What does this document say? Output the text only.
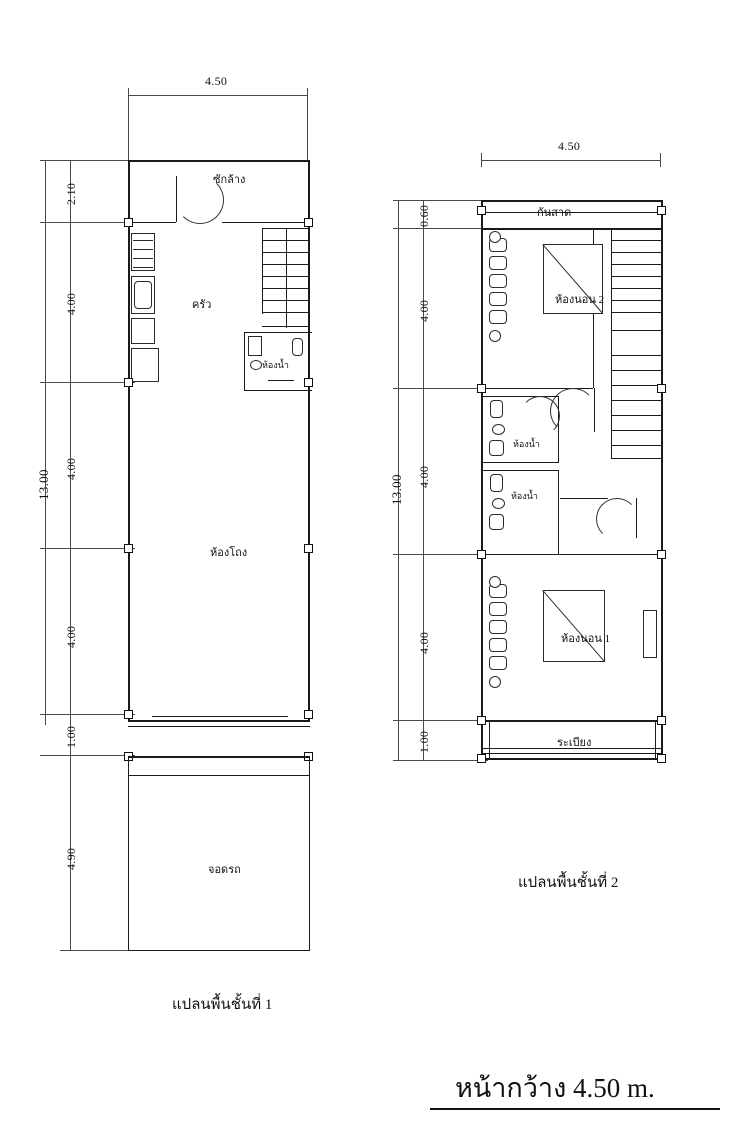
4.50
2.10
4.00
4.00
4.00
1.00
4.90
13.00
ซักล้าง
ครัว
ห้องน้ำ
ห้องโถง
จอดรถ
แปลนพื้นชั้นที่ 1
4.50
0.60
4.00
4.00
4.00
1.00
13.00
กันสาด
ห้องนอน 2
ห้องน้ำ
ห้องน้ำ
ห้องนอน 1
ระเบียง
แปลนพื้นชั้นที่ 2
หน้ากว้าง 4.50 m.
